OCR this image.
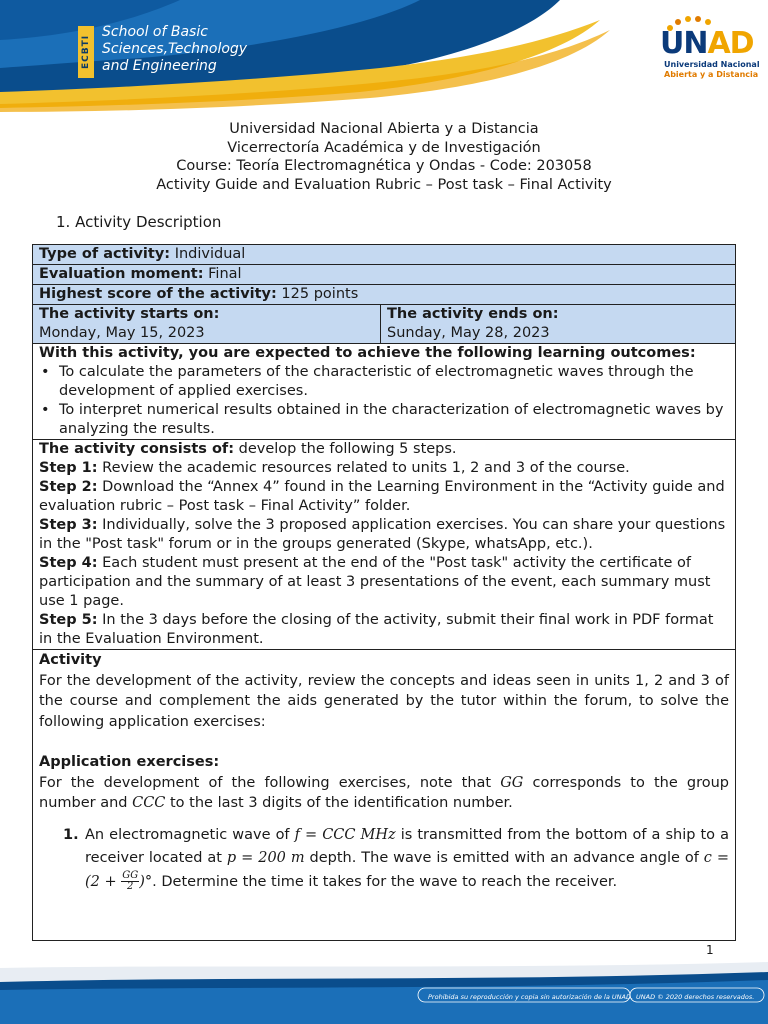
ECBTI
School of Basic
Sciences,Technology
and Engineering
UNAD
Universidad Nacional
Abierta y a Distancia
Universidad Nacional Abierta y a Distancia
Vicerrectoría Académica y de Investigación
Course: Teoría Electromagnética y Ondas - Code: 203058
Activity Guide and Evaluation Rubric – Post task – Final Activity
1. Activity Description
Type of activity: Individual
Evaluation moment: Final
Highest score of the activity: 125 points
The activity starts on:
Monday, May 15, 2023
The activity ends on:
Sunday, May 28, 2023
With this activity, you are expected to achieve the following learning outcomes:
• To calculate the parameters of the characteristic of electromagnetic waves through the development of applied exercises.
• To interpret numerical results obtained in the characterization of electromagnetic waves by analyzing the results.
The activity consists of: develop the following 5 steps.
Step 1: Review the academic resources related to units 1, 2 and 3 of the course.
Step 2: Download the “Annex 4” found in the Learning Environment in the “Activity guide and evaluation rubric – Post task – Final Activity” folder.
Step 3: Individually, solve the 3 proposed application exercises. You can share your questions in the "Post task" forum or in the groups generated (Skype, whatsApp, etc.).
Step 4: Each student must present at the end of the "Post task" activity the certificate of participation and the summary of at least 3 presentations of the event, each summary must use 1 page.
Step 5: In the 3 days before the closing of the activity, submit their final work in PDF format in the Evaluation Environment.
Activity
For the development of the activity, review the concepts and ideas seen in units 1, 2 and 3 of the course and complement the aids generated by the tutor within the forum, to solve the following application exercises:
Application exercises:
For the development of the following exercises, note that GG corresponds to the group number and CCC to the last 3 digits of the identification number.
1. An electromagnetic wave of f = CCC MHz is transmitted from the bottom of a ship to a receiver located at p = 200 m depth. The wave is emitted with an advance angle of $c = (2 + \frac{GG}{2}$ )°. Determine the time it takes for the wave to reach the receiver.
1
Prohibida su reproducción y copia sin autorización de la UNAD. UNAD © 2020 derechos reservados.
